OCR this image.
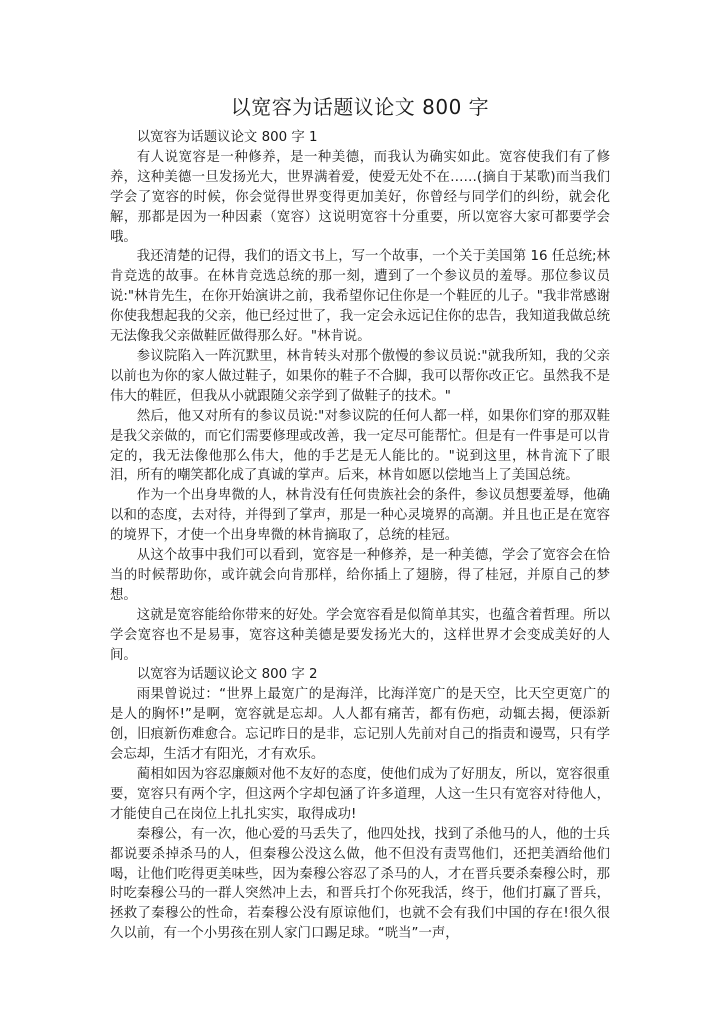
以宽容为话题议论文 800 字

以宽容为话题议论文 800 字 1

有人说宽容是一种修养，是一种美德，而我认为确实如此。宽容使我们有了修养，这种美德一旦发扬光大，世界满着爱，使爱无处不在……(摘自于某歌)而当我们学会了宽容的时候，你会觉得世界变得更加美好，你曾经与同学们的纠纷，就会化解，那都是因为一种因素（宽容）这说明宽容十分重要，所以宽容大家可都要学会哦。

我还清楚的记得，我们的语文书上，写一个故事，一个关于美国第 16 任总统;林肯竞选的故事。在林肯竞选总统的那一刻，遭到了一个参议员的羞辱。那位参议员说:"林肯先生，在你开始演讲之前，我希望你记住你是一个鞋匠的儿子。"我非常感谢你使我想起我的父亲，他已经过世了，我一定会永远记住你的忠告，我知道我做总统无法像我父亲做鞋匠做得那么好。"林肯说。

参议院陷入一阵沉默里，林肯转头对那个傲慢的参议员说:"就我所知，我的父亲以前也为你的家人做过鞋子，如果你的鞋子不合脚，我可以帮你改正它。虽然我不是伟大的鞋匠，但我从小就跟随父亲学到了做鞋子的技术。"

然后，他又对所有的参议员说:"对参议院的任何人都一样，如果你们穿的那双鞋是我父亲做的，而它们需要修理或改善，我一定尽可能帮忙。但是有一件事是可以肯定的，我无法像他那么伟大，他的手艺是无人能比的。"说到这里，林肯流下了眼泪，所有的嘲笑都化成了真诚的掌声。后来，林肯如愿以偿地当上了美国总统。

作为一个出身卑微的人，林肯没有任何贵族社会的条件，参议员想要羞辱，他确以和的态度，去对待，并得到了掌声，那是一种心灵境界的高潮。并且也正是在宽容的境界下，才使一个出身卑微的林肯摘取了，总统的桂冠。

从这个故事中我们可以看到，宽容是一种修养，是一种美德，学会了宽容会在恰当的时候帮助你，或许就会向肯那样，给你插上了翅膀，得了桂冠，并原自己的梦想。

这就是宽容能给你带来的好处。学会宽容看是似简单其实，也蕴含着哲理。所以学会宽容也不是易事，宽容这种美德是要发扬光大的，这样世界才会变成美好的人间。

以宽容为话题议论文 800 字 2

雨果曾说过：“世界上最宽广的是海洋，比海洋宽广的是天空，比天空更宽广的是人的胸怀!”是啊，宽容就是忘却。人人都有痛苦，都有伤疤，动辄去揭，便添新创，旧痕新伤难愈合。忘记昨日的是非，忘记别人先前对自己的指责和谩骂，只有学会忘却，生活才有阳光，才有欢乐。

蔺相如因为容忍廉颇对他不友好的态度，使他们成为了好朋友，所以，宽容很重要，宽容只有两个字，但这两个字却包涵了许多道理，人这一生只有宽容对待他人，才能使自己在岗位上扎扎实实，取得成功!

秦穆公，有一次，他心爱的马丢失了，他四处找，找到了杀他马的人，他的士兵都说要杀掉杀马的人，但秦穆公没这么做，他不但没有责骂他们，还把美酒给他们喝，让他们吃得更美味些，因为秦穆公容忍了杀马的人，才在晋兵要杀秦穆公时，那时吃秦穆公马的一群人突然冲上去，和晋兵打个你死我活，终于，他们打赢了晋兵，拯救了秦穆公的性命，若秦穆公没有原谅他们，也就不会有我们中国的存在!很久很久以前，有一个小男孩在别人家门口踢足球。“咣当”一声，
